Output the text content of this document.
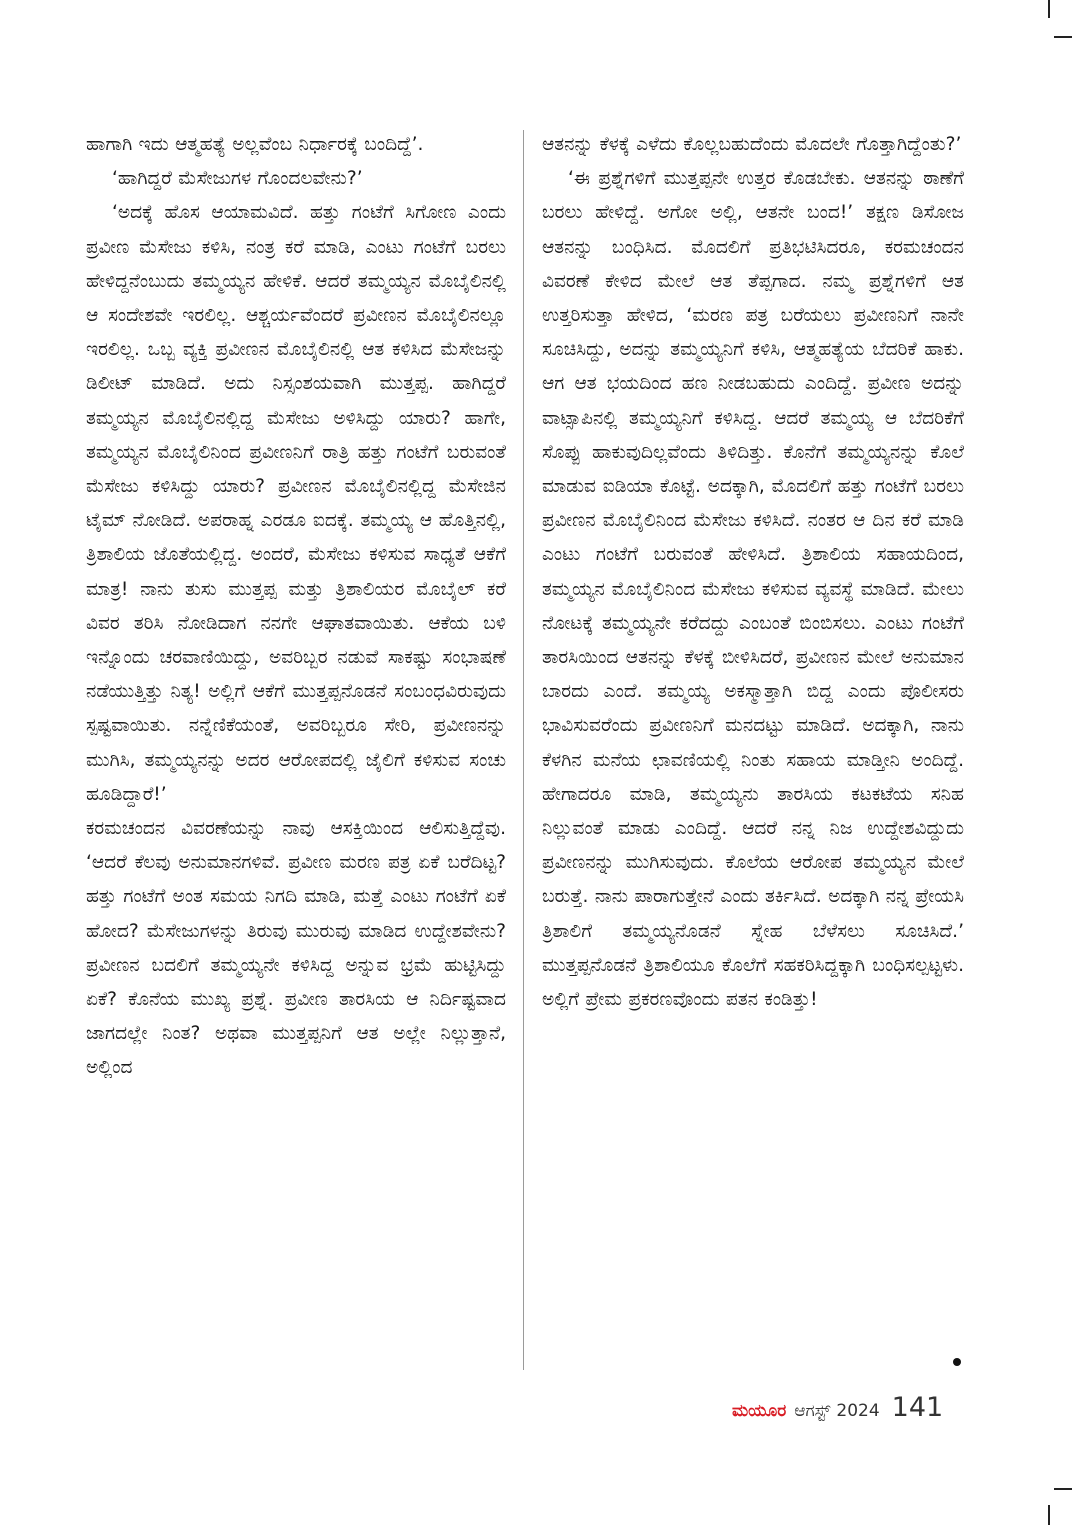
ಹಾಗಾಗಿ ಇದು ಆತ್ಮಹತ್ಯೆ ಅಲ್ಲವೆಂಬ ನಿರ್ಧಾರಕ್ಕೆ ಬಂದಿದ್ದೆ’.

‘ಹಾಗಿದ್ದರೆ ಮೆಸೇಜುಗಳ ಗೊಂದಲವೇನು?’

‘ಅದಕ್ಕೆ ಹೊಸ ಆಯಾಮವಿದೆ. ಹತ್ತು ಗಂಟೆಗೆ ಸಿಗೋಣ ಎಂದು ಪ್ರವೀಣ ಮೆಸೇಜು ಕಳಿಸಿ, ನಂತ್ರ ಕರೆ ಮಾಡಿ, ಎಂಟು ಗಂಟೆಗೆ ಬರಲು ಹೇಳಿದ್ದನೆಂಬುದು ತಮ್ಮಯ್ಯನ ಹೇಳಿಕೆ. ಆದರೆ ತಮ್ಮಯ್ಯನ ಮೊಬೈಲಿನಲ್ಲಿ ಆ ಸಂದೇಶವೇ ಇರಲಿಲ್ಲ. ಆಶ್ಚರ್ಯವೆಂದರೆ ಪ್ರವೀಣನ ಮೊಬೈಲಿನಲ್ಲೂ ಇರಲಿಲ್ಲ. ಒಬ್ಬ ವ್ಯಕ್ತಿ ಪ್ರವೀಣನ ಮೊಬೈಲಿನಲ್ಲಿ ಆತ ಕಳಿಸಿದ ಮೆಸೇಜನ್ನು ಡಿಲೀಟ್ ಮಾಡಿದೆ. ಅದು ನಿಸ್ಸಂಶಯವಾಗಿ ಮುತ್ತಪ್ಪ. ಹಾಗಿದ್ದರೆ ತಮ್ಮಯ್ಯನ ಮೊಬೈಲಿನಲ್ಲಿದ್ದ ಮೆಸೇಜು ಅಳಿಸಿದ್ದು ಯಾರು? ಹಾಗೇ, ತಮ್ಮಯ್ಯನ ಮೊಬೈಲಿನಿಂದ ಪ್ರವೀಣನಿಗೆ ರಾತ್ರಿ ಹತ್ತು ಗಂಟೆಗೆ ಬರುವಂತೆ ಮೆಸೇಜು ಕಳಿಸಿದ್ದು ಯಾರು? ಪ್ರವೀಣನ ಮೊಬೈಲಿನಲ್ಲಿದ್ದ ಮೆಸೇಜಿನ ಟೈಮ್ ನೋಡಿದೆ. ಅಪರಾಹ್ನ ಎರಡೂ ಐದಕ್ಕೆ. ತಮ್ಮಯ್ಯ ಆ ಹೊತ್ತಿನಲ್ಲಿ, ತ್ರಿಶಾಲಿಯ ಜೊತೆಯಲ್ಲಿದ್ದ. ಅಂದರೆ, ಮೆಸೇಜು ಕಳಿಸುವ ಸಾಧ್ಯತೆ ಆಕೆಗೆ ಮಾತ್ರ! ನಾನು ತುಸು ಮುತ್ತಪ್ಪ ಮತ್ತು ತ್ರಿಶಾಲಿಯರ ಮೊಬೈಲ್ ಕರೆ ವಿವರ ತರಿಸಿ ನೋಡಿದಾಗ ನನಗೇ ಆಘಾತವಾಯಿತು. ಆಕೆಯ ಬಳಿ ಇನ್ನೊಂದು ಚರವಾಣಿಯಿದ್ದು, ಅವರಿಬ್ಬರ ನಡುವೆ ಸಾಕಷ್ಟು ಸಂಭಾಷಣೆ ನಡೆಯುತ್ತಿತ್ತು ನಿತ್ಯ! ಅಲ್ಲಿಗೆ ಆಕೆಗೆ ಮುತ್ತಪ್ಪನೊಡನೆ ಸಂಬಂಧವಿರುವುದು ಸ್ಪಷ್ಟವಾಯಿತು. ನನ್ನೆಣಿಕೆಯಂತೆ, ಅವರಿಬ್ಬರೂ ಸೇರಿ, ಪ್ರವೀಣನನ್ನು ಮುಗಿಸಿ, ತಮ್ಮಯ್ಯನನ್ನು ಅದರ ಆರೋಪದಲ್ಲಿ ಜೈಲಿಗೆ ಕಳಿಸುವ ಸಂಚು ಹೂಡಿದ್ದಾರೆ!’

ಕರಮಚಂದನ ವಿವರಣೆಯನ್ನು ನಾವು ಆಸಕ್ತಿಯಿಂದ ಆಲಿಸುತ್ತಿದ್ದೆವು. ‘ಆದರೆ ಕೆಲವು ಅನುಮಾನಗಳಿವೆ. ಪ್ರವೀಣ ಮರಣ ಪತ್ರ ಏಕೆ ಬರೆದಿಟ್ಟ? ಹತ್ತು ಗಂಟೆಗೆ ಅಂತ ಸಮಯ ನಿಗದಿ ಮಾಡಿ, ಮತ್ತೆ ಎಂಟು ಗಂಟೆಗೆ ಏಕೆ ಹೋದ? ಮೆಸೇಜುಗಳನ್ನು ತಿರುವು ಮುರುವು ಮಾಡಿದ ಉದ್ದೇಶವೇನು? ಪ್ರವೀಣನ ಬದಲಿಗೆ ತಮ್ಮಯ್ಯನೇ ಕಳಿಸಿದ್ದ ಅನ್ನುವ ಭ್ರಮೆ ಹುಟ್ಟಿಸಿದ್ದು ಏಕೆ? ಕೊನೆಯ ಮುಖ್ಯ ಪ್ರಶ್ನೆ. ಪ್ರವೀಣ ತಾರಸಿಯ ಆ ನಿರ್ದಿಷ್ಟವಾದ ಜಾಗದಲ್ಲೇ ನಿಂತ? ಅಥವಾ ಮುತ್ತಪ್ಪನಿಗೆ ಆತ ಅಲ್ಲೇ ನಿಲ್ಲುತ್ತಾನೆ, ಅಲ್ಲಿಂದ

ಆತನನ್ನು ಕೆಳಕ್ಕೆ ಎಳೆದು ಕೊಲ್ಲಬಹುದೆಂದು ಮೊದಲೇ ಗೊತ್ತಾಗಿದ್ದೆಂತು?’

‘ಈ ಪ್ರಶ್ನೆಗಳಿಗೆ ಮುತ್ತಪ್ಪನೇ ಉತ್ತರ ಕೊಡಬೇಕು. ಆತನನ್ನು ಠಾಣೆಗೆ ಬರಲು ಹೇಳಿದ್ದೆ. ಅಗೋ ಅಲ್ಲಿ, ಆತನೇ ಬಂದ!’ ತಕ್ಷಣ ಡಿಸೋಜ ಆತನನ್ನು ಬಂಧಿಸಿದ. ಮೊದಲಿಗೆ ಪ್ರತಿಭಟಿಸಿದರೂ, ಕರಮಚಂದನ ವಿವರಣೆ ಕೇಳಿದ ಮೇಲೆ ಆತ ತೆಪ್ಪಗಾದ. ನಮ್ಮ ಪ್ರಶ್ನೆಗಳಿಗೆ ಆತ ಉತ್ತರಿಸುತ್ತಾ ಹೇಳಿದ, ‘ಮರಣ ಪತ್ರ ಬರೆಯಲು ಪ್ರವೀಣನಿಗೆ ನಾನೇ ಸೂಚಿಸಿದ್ದು, ಅದನ್ನು ತಮ್ಮಯ್ಯನಿಗೆ ಕಳಿಸಿ, ಆತ್ಮಹತ್ಯೆಯ ಬೆದರಿಕೆ ಹಾಕು. ಆಗ ಆತ ಭಯದಿಂದ ಹಣ ನೀಡಬಹುದು ಎಂದಿದ್ದೆ. ಪ್ರವೀಣ ಅದನ್ನು ವಾಟ್ಸಾಪಿನಲ್ಲಿ ತಮ್ಮಯ್ಯನಿಗೆ ಕಳಿಸಿದ್ದ. ಆದರೆ ತಮ್ಮಯ್ಯ ಆ ಬೆದರಿಕೆಗೆ ಸೊಪ್ಪು ಹಾಕುವುದಿಲ್ಲವೆಂದು ತಿಳಿದಿತ್ತು. ಕೊನೆಗೆ ತಮ್ಮಯ್ಯನನ್ನು ಕೊಲೆ ಮಾಡುವ ಐಡಿಯಾ ಕೊಟ್ಟೆ. ಅದಕ್ಕಾಗಿ, ಮೊದಲಿಗೆ ಹತ್ತು ಗಂಟೆಗೆ ಬರಲು ಪ್ರವೀಣನ ಮೊಬೈಲಿನಿಂದ ಮೆಸೇಜು ಕಳಿಸಿದೆ. ನಂತರ ಆ ದಿನ ಕರೆ ಮಾಡಿ ಎಂಟು ಗಂಟೆಗೆ ಬರುವಂತೆ ಹೇಳಿಸಿದೆ. ತ್ರಿಶಾಲಿಯ ಸಹಾಯದಿಂದ, ತಮ್ಮಯ್ಯನ ಮೊಬೈಲಿನಿಂದ ಮೆಸೇಜು ಕಳಿಸುವ ವ್ಯವಸ್ಥೆ ಮಾಡಿದೆ. ಮೇಲು ನೋಟಕ್ಕೆ ತಮ್ಮಯ್ಯನೇ ಕರೆದದ್ದು ಎಂಬಂತೆ ಬಿಂಬಿಸಲು. ಎಂಟು ಗಂಟೆಗೆ ತಾರಸಿಯಿಂದ ಆತನನ್ನು ಕೆಳಕ್ಕೆ ಬೀಳಿಸಿದರೆ, ಪ್ರವೀಣನ ಮೇಲೆ ಅನುಮಾನ ಬಾರದು ಎಂದೆ. ತಮ್ಮಯ್ಯ ಅಕಸ್ಮಾತ್ತಾಗಿ ಬಿದ್ದ ಎಂದು ಪೊಲೀಸರು ಭಾವಿಸುವರೆಂದು ಪ್ರವೀಣನಿಗೆ ಮನದಟ್ಟು ಮಾಡಿದೆ. ಅದಕ್ಕಾಗಿ, ನಾನು ಕೆಳಗಿನ ಮನೆಯ ಛಾವಣಿಯಲ್ಲಿ ನಿಂತು ಸಹಾಯ ಮಾಡ್ತೀನಿ ಅಂದಿದ್ದೆ. ಹೇಗಾದರೂ ಮಾಡಿ, ತಮ್ಮಯ್ಯನು ತಾರಸಿಯ ಕಟಕಟೆಯ ಸನಿಹ ನಿಲ್ಲುವಂತೆ ಮಾಡು ಎಂದಿದ್ದೆ. ಆದರೆ ನನ್ನ ನಿಜ ಉದ್ದೇಶವಿದ್ದುದು ಪ್ರವೀಣನನ್ನು ಮುಗಿಸುವುದು. ಕೊಲೆಯ ಆರೋಪ ತಮ್ಮಯ್ಯನ ಮೇಲೆ ಬರುತ್ತೆ. ನಾನು ಪಾರಾಗುತ್ತೇನೆ ಎಂದು ತರ್ಕಿಸಿದೆ. ಅದಕ್ಕಾಗಿ ನನ್ನ ಪ್ರೇಯಸಿ ತ್ರಿಶಾಲಿಗೆ ತಮ್ಮಯ್ಯನೊಡನೆ ಸ್ನೇಹ ಬೆಳೆಸಲು ಸೂಚಿಸಿದೆ.’ ಮುತ್ತಪ್ಪನೊಡನೆ ತ್ರಿಶಾಲಿಯೂ ಕೊಲೆಗೆ ಸಹಕರಿಸಿದ್ದಕ್ಕಾಗಿ ಬಂಧಿಸಲ್ಪಟ್ಟಳು. ಅಲ್ಲಿಗೆ ಪ್ರೇಮ ಪ್ರಕರಣವೊಂದು ಪತನ ಕಂಡಿತ್ತು!

ಮಯೂರ ಆಗಸ್ಟ್ 2024 141
